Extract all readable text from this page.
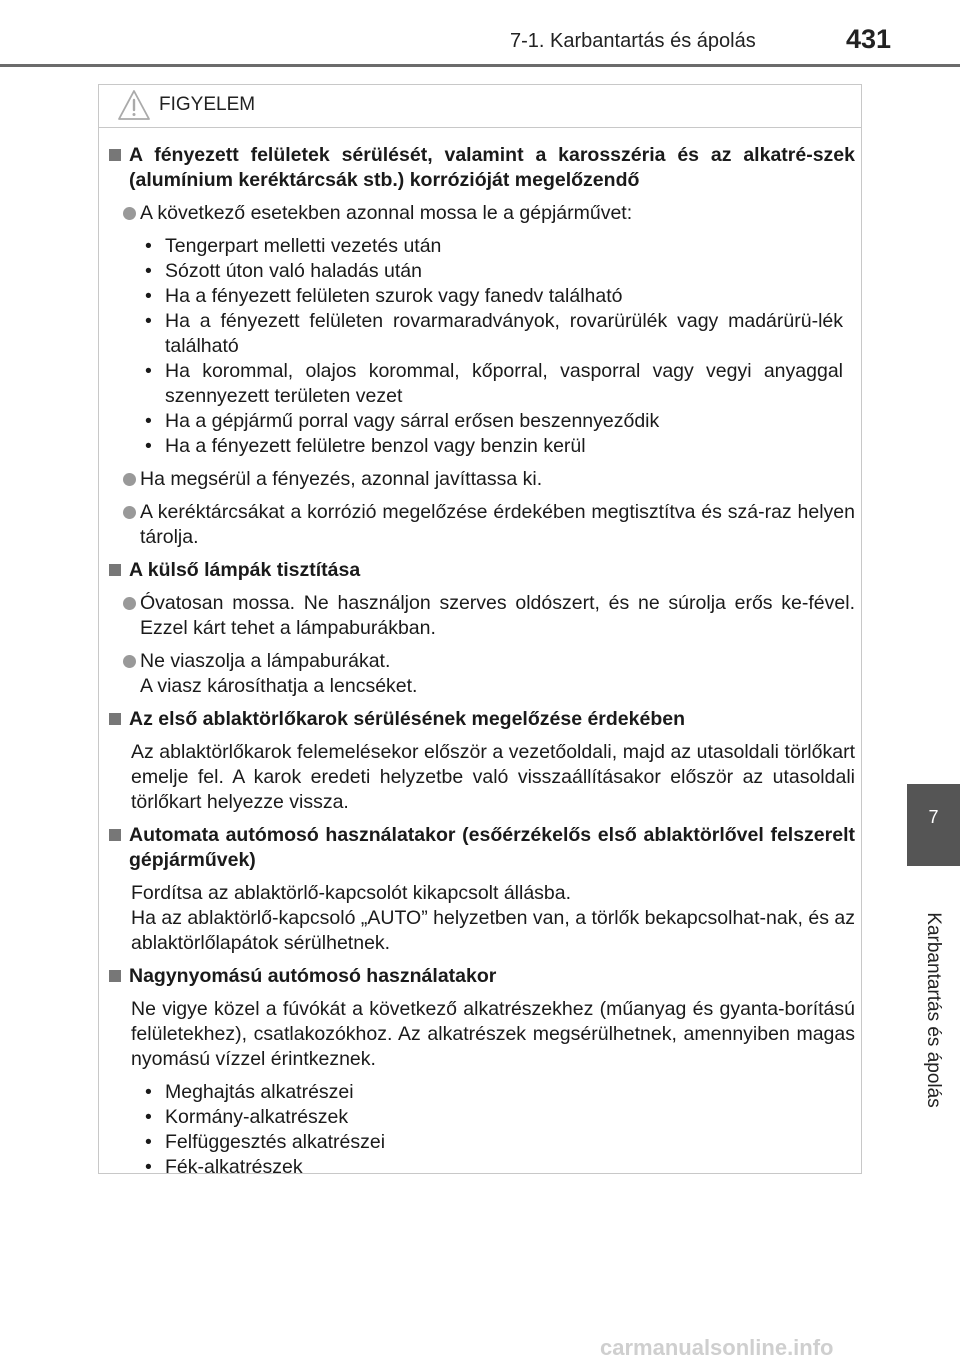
7-1. Karbantartás és ápolás	431
7
Karbantartás és ápolás
FIGYELEM
A fényezett felületek sérülését, valamint a karosszéria és az alkatré-szek (alumínium keréktárcsák stb.) korrózióját megelőzendő
A következő esetekben azonnal mossa le a gépjárművet:
• Tengerpart melletti vezetés után
• Sózott úton való haladás után
• Ha a fényezett felületen szurok vagy fanedv található
• Ha a fényezett felületen rovarmaradványok, rovarürülék vagy madárürü-lék található
• Ha korommal, olajos korommal, kőporral, vasporral vagy vegyi anyaggal szennyezett területen vezet
• Ha a gépjármű porral vagy sárral erősen beszennyeződik
• Ha a fényezett felületre benzol vagy benzin kerül
Ha megsérül a fényezés, azonnal javíttassa ki.
A keréktárcsákat a korrózió megelőzése érdekében megtisztítva és szá-raz helyen tárolja.
A külső lámpák tisztítása
Óvatosan mossa. Ne használjon szerves oldószert, és ne súrolja erős ke-fével. Ezzel kárt tehet a lámpaburákban.
Ne viaszolja a lámpaburákat.
A viasz károsíthatja a lencséket.
Az első ablaktörlőkarok sérülésének megelőzése érdekében

Az ablaktörlőkarok felemelésekor először a vezetőoldali, majd az utasoldali törlőkart emelje fel. A karok eredeti helyzetbe való visszaállításakor először az utasoldali törlőkart helyezze vissza.

Automata autómosó használatakor (esőérzékelős első ablaktörlővel felszerelt gépjárművek)

Fordítsa az ablaktörlő-kapcsolót kikapcsolt állásba.

Ha az ablaktörlő-kapcsoló „AUTO” helyzetben van, a törlők bekapcsolhat-nak, és az ablaktörlőlapátok sérülhetnek.

Nagynyomású autómosó használatakor

Ne vigye közel a fúvókát a következő alkatrészekhez (műanyag és gyanta-borítású felületekhez), csatlakozókhoz. Az alkatrészek megsérülhetnek, amennyiben magas nyomású vízzel érintkeznek.

• Meghajtás alkatrészei
• Kormány-alkatrészek
• Felfüggesztés alkatrészei
• Fék-alkatrészek
carmanualsonline.info
